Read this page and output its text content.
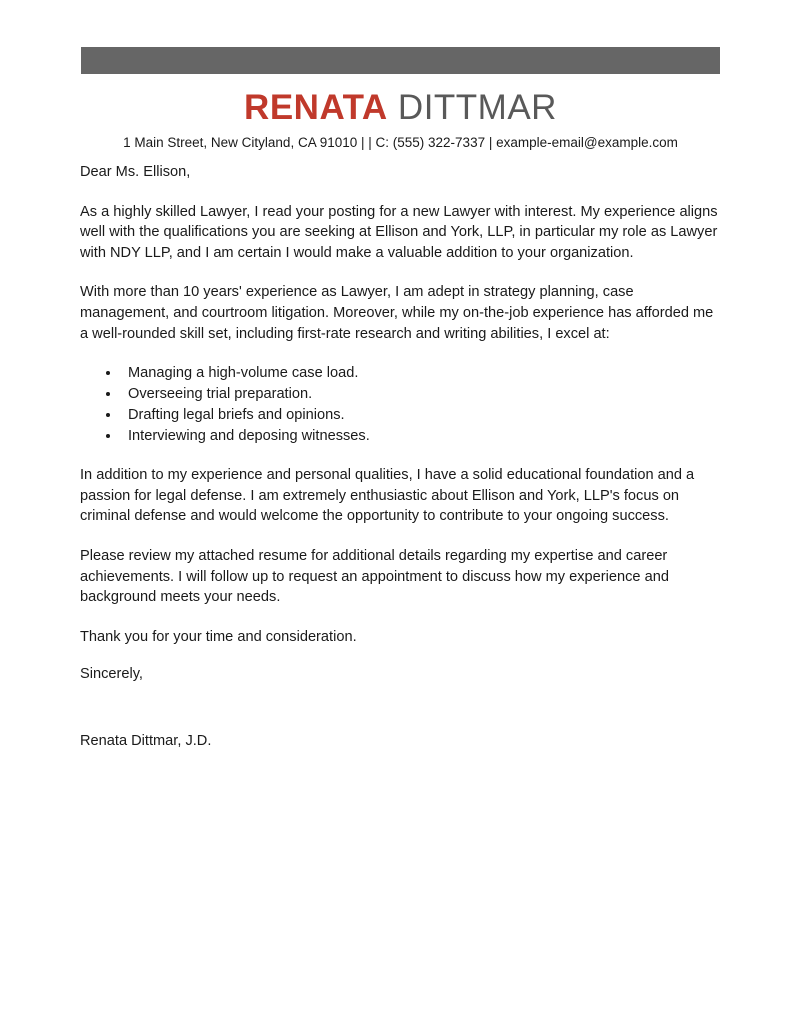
RENATA DITTMAR
1 Main Street, New Cityland, CA 91010 | | C: (555) 322-7337 | example-email@example.com

Dear Ms. Ellison,

As a highly skilled Lawyer, I read your posting for a new Lawyer with interest. My experience aligns well with the qualifications you are seeking at Ellison and York, LLP, in particular my role as Lawyer with NDY LLP, and I am certain I would make a valuable addition to your organization.

With more than 10 years' experience as Lawyer, I am adept in strategy planning, case management, and courtroom litigation. Moreover, while my on-the-job experience has afforded me a well-rounded skill set, including first-rate research and writing abilities, I excel at:

Managing a high-volume case load.
Overseeing trial preparation.
Drafting legal briefs and opinions.
Interviewing and deposing witnesses.

In addition to my experience and personal qualities, I have a solid educational foundation and a passion for legal defense. I am extremely enthusiastic about Ellison and York, LLP's focus on criminal defense and would welcome the opportunity to contribute to your ongoing success.

Please review my attached resume for additional details regarding my expertise and career achievements. I will follow up to request an appointment to discuss how my experience and background meets your needs.

Thank you for your time and consideration.

Sincerely,

Renata Dittmar, J.D.
